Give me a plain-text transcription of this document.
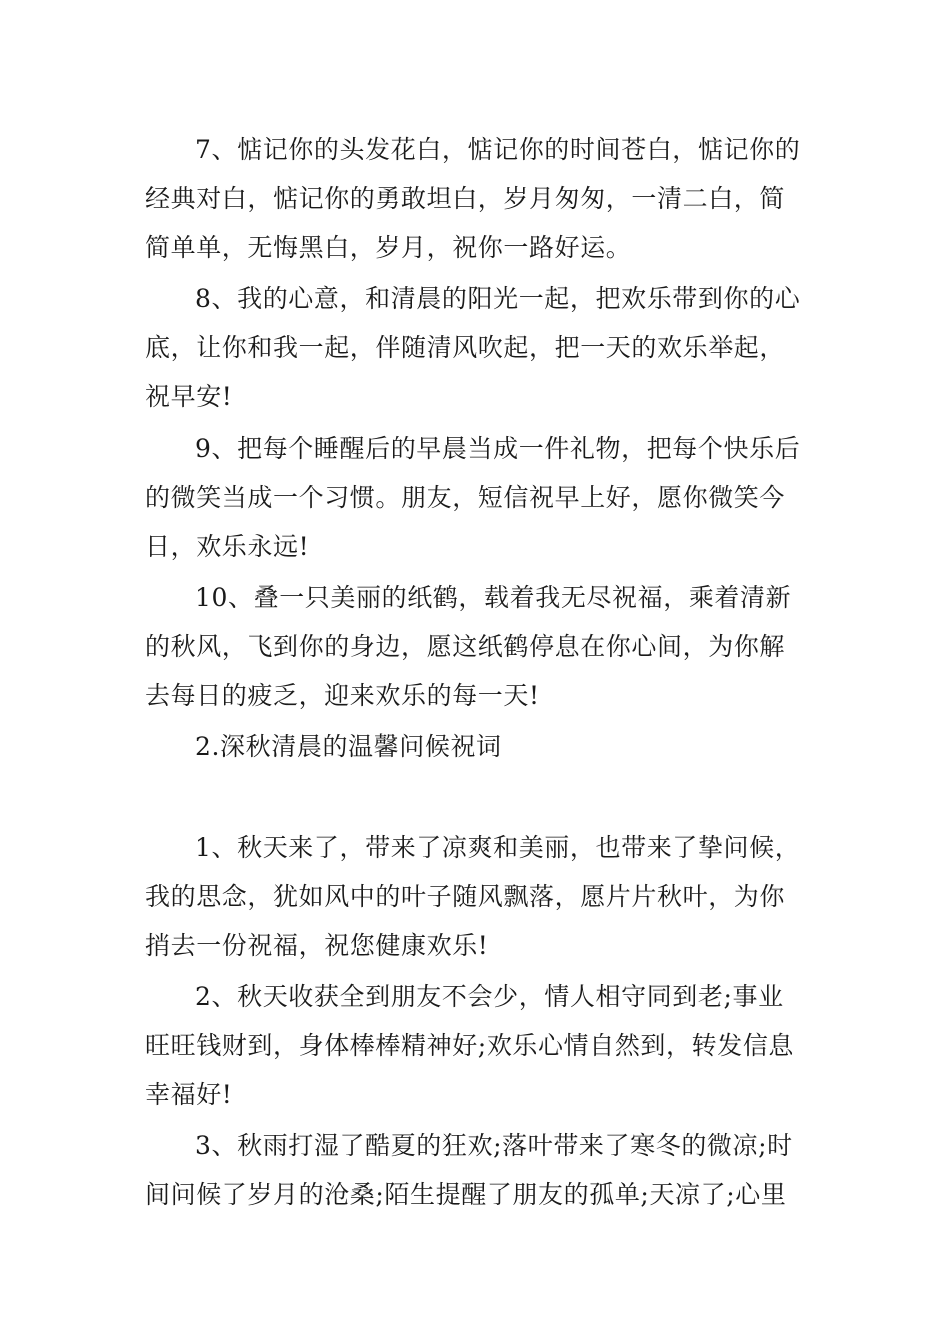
7、惦记你的头发花白，惦记你的时间苍白，惦记你的
经典对白，惦记你的勇敢坦白，岁月匆匆，一清二白，简
简单单，无悔黑白，岁月，祝你一路好运。
8、我的心意，和清晨的阳光一起，把欢乐带到你的心
底，让你和我一起，伴随清风吹起，把一天的欢乐举起，
祝早安!
9、把每个睡醒后的早晨当成一件礼物，把每个快乐后
的微笑当成一个习惯。朋友，短信祝早上好，愿你微笑今
日，欢乐永远!
10、叠一只美丽的纸鹤，载着我无尽祝福，乘着清新
的秋风，飞到你的身边，愿这纸鹤停息在你心间，为你解
去每日的疲乏，迎来欢乐的每一天!
2.深秋清晨的温馨问候祝词
1、秋天来了，带来了凉爽和美丽，也带来了挚问候，
我的思念，犹如风中的叶子随风飘落，愿片片秋叶，为你
捎去一份祝福，祝您健康欢乐!
2、秋天收获全到朋友不会少，情人相守同到老;事业
旺旺钱财到，身体棒棒精神好;欢乐心情自然到，转发信息
幸福好!
3、秋雨打湿了酷夏的狂欢;落叶带来了寒冬的微凉;时
间问候了岁月的沧桑;陌生提醒了朋友的孤单;天凉了;心里
